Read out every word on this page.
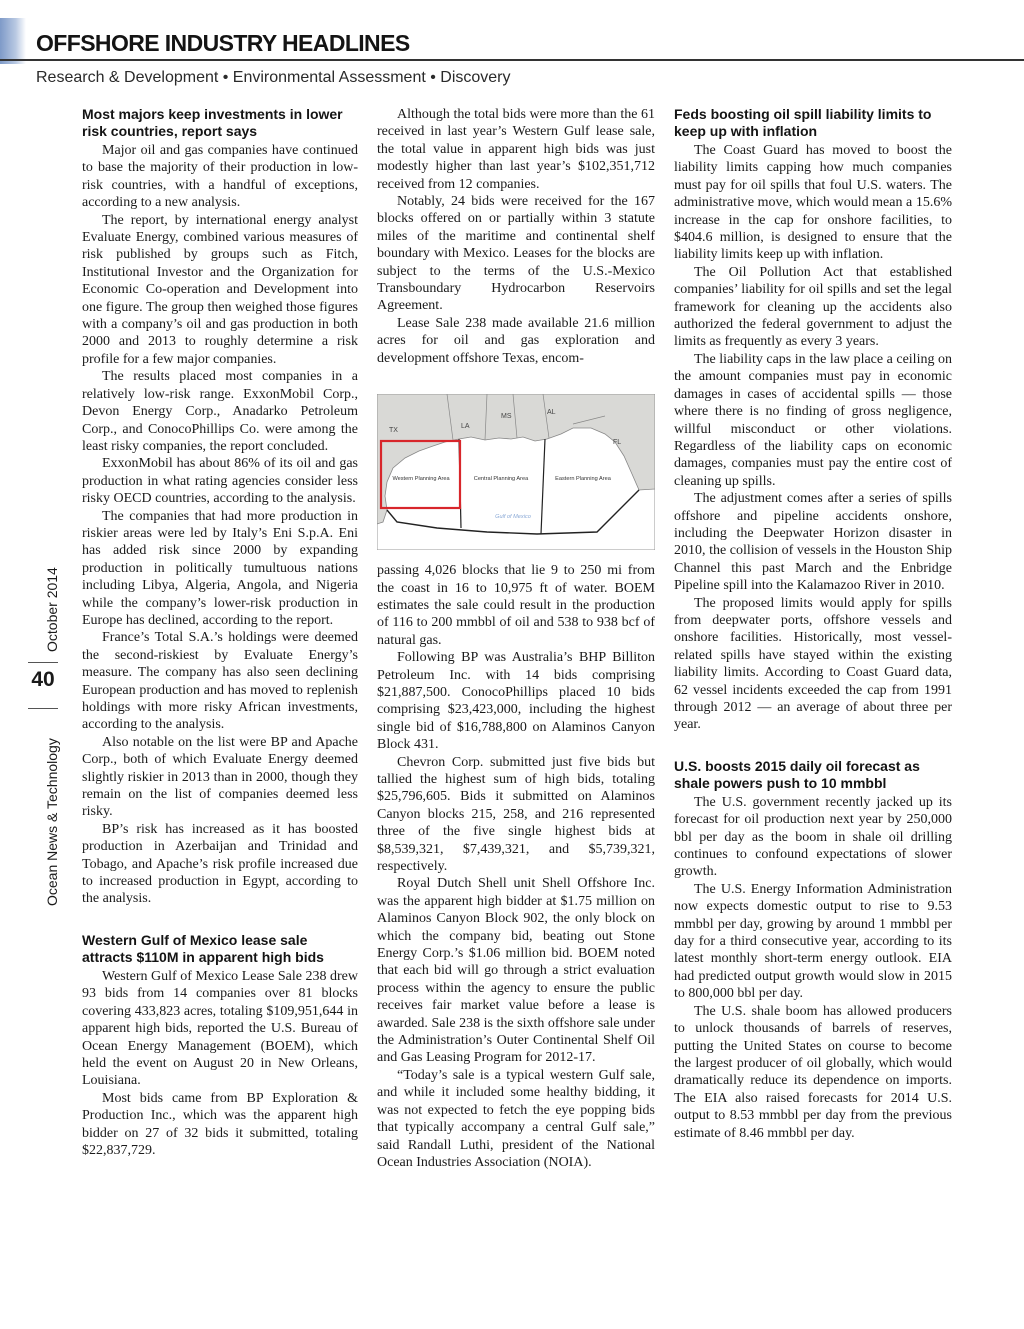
OFFSHORE INDUSTRY HEADLINES
Research & Development • Environmental Assessment • Discovery
October 2014
Ocean News & Technology
40
Most majors keep investments in lower risk countries, report says

Major oil and gas companies have continued to base the majority of their production in low-risk countries, with a handful of exceptions, according to a new analysis.

The report, by international energy analyst Evaluate Energy, combined various measures of risk published by groups such as Fitch, Institutional Investor and the Organization for Economic Co-operation and Development into one figure. The group then weighed those figures with a company’s oil and gas production in both 2000 and 2013 to roughly determine a risk profile for a few major companies.

The results placed most companies in a relatively low-risk range. ExxonMobil Corp., Devon Energy Corp., Anadarko Petroleum Corp., and ConocoPhillips Co. were among the least risky companies, the report concluded.

ExxonMobil has about 86% of its oil and gas production in what rating agencies consider less risky OECD countries, according to the analysis.

The companies that had more production in riskier areas were led by Italy’s Eni S.p.A. Eni has added risk since 2000 by expanding production in politically tumultuous nations including Libya, Algeria, Angola, and Nigeria while the company’s lower-risk production in Europe has declined, according to the report.

France’s Total S.A.’s holdings were deemed the second-riskiest by Evaluate Energy’s measure. The company has also seen declining European production and has moved to replenish holdings with more risky African investments, according to the analysis.

Also notable on the list were BP and Apache Corp., both of which Evaluate Energy deemed slightly riskier in 2013 than in 2000, though they remain on the list of companies deemed less risky.

BP’s risk has increased as it has boosted production in Azerbaijan and Trinidad and Tobago, and Apache’s risk profile increased due to increased production in Egypt, according to the analysis.

Western Gulf of Mexico lease sale attracts $110M in apparent high bids

Western Gulf of Mexico Lease Sale 238 drew 93 bids from 14 companies over 81 blocks covering 433,823 acres, totaling $109,951,644 in apparent high bids, reported the U.S. Bureau of Ocean Energy Management (BOEM), which held the event on August 20 in New Orleans, Louisiana.

Most bids came from BP Exploration & Production Inc., which was the apparent high bidder on 27 of 32 bids it submitted, totaling $22,837,729.

Although the total bids were more than the 61 received in last year’s Western Gulf lease sale, the total value in apparent high bids was just modestly higher than last year’s $102,351,712 received from 12 companies.

Notably, 24 bids were received for the 167 blocks offered on or partially within 3 statute miles of the maritime and continental shelf boundary with Mexico. Leases for the blocks are subject to the terms of the U.S.-Mexico Transboundary Hydrocarbon Reservoirs Agreement.

Lease Sale 238 made available 21.6 million acres for oil and gas exploration and development offshore Texas, encom-

TX
LA
MS
AL
FL
Western Planning Area	Central Planning Area	Eastern Planning Area
Gulf of Mexico

passing 4,026 blocks that lie 9 to 250 mi from the coast in 16 to 10,975 ft of water. BOEM estimates the sale could result in the production of 116 to 200 mmbbl of oil and 538 to 938 bcf of natural gas.

Following BP was Australia’s BHP Billiton Petroleum Inc. with 14 bids comprising $21,887,500. ConocoPhillips placed 10 bids comprising $23,423,000, including the highest single bid of $16,788,800 on Alaminos Canyon Block 431.

Chevron Corp. submitted just five bids but tallied the highest sum of high bids, totaling $25,796,605. Bids it submitted on Alaminos Canyon blocks 215, 258, and 216 represented three of the five single highest bids at $8,539,321, $7,439,321, and $5,739,321, respectively.

Royal Dutch Shell unit Shell Offshore Inc. was the apparent high bidder at $1.75 million on Alaminos Canyon Block 902, the only block on which the company bid, beating out Stone Energy Corp.’s $1.06 million bid. BOEM noted that each bid will go through a strict evaluation process within the agency to ensure the public receives fair market value before a lease is awarded. Sale 238 is the sixth offshore sale under the Administration’s Outer Continental Shelf Oil and Gas Leasing Program for 2012-17.

“Today’s sale is a typical western Gulf sale, and while it included some healthy bidding, it was not expected to fetch the eye popping bids that typically accompany a central Gulf sale,” said Randall Luthi, president of the National Ocean Industries Association (NOIA).

Feds boosting oil spill liability limits to keep up with inflation

The Coast Guard has moved to boost the liability limits capping how much companies must pay for oil spills that foul U.S. waters. The administrative move, which would mean a 15.6% increase in the cap for onshore facilities, to $404.6 million, is designed to ensure that the liability limits keep up with inflation.

The Oil Pollution Act that established companies’ liability for oil spills and set the legal framework for cleaning up the accidents also authorized the federal government to adjust the limits as frequently as every 3 years.

The liability caps in the law place a ceiling on the amount companies must pay in economic damages in cases of accidental spills — those where there is no finding of gross negligence, willful misconduct or other violations. Regardless of the liability caps on economic damages, companies must pay the entire cost of cleaning up spills.

The adjustment comes after a series of spills offshore and pipeline accidents onshore, including the Deepwater Horizon disaster in 2010, the collision of vessels in the Houston Ship Channel this past March and the Enbridge Pipeline spill into the Kalamazoo River in 2010.

The proposed limits would apply for spills from deepwater ports, offshore vessels and onshore facilities. Historically, most vessel-related spills have stayed within the existing liability limits. According to Coast Guard data, 62 vessel incidents exceeded the cap from 1991 through 2012 — an average of about three per year.

U.S. boosts 2015 daily oil forecast as shale powers push to 10 mmbbl

The U.S. government recently jacked up its forecast for oil production next year by 250,000 bbl per day as the boom in shale oil drilling continues to confound expectations of slower growth.

The U.S. Energy Information Administration now expects domestic output to rise to 9.53 mmbbl per day, growing by around 1 mmbbl per day for a third consecutive year, according to its latest monthly short-term energy outlook. EIA had predicted output growth would slow in 2015 to 800,000 bbl per day.

The U.S. shale boom has allowed producers to unlock thousands of barrels of reserves, putting the United States on course to become the largest producer of oil globally, which would dramatically reduce its dependence on imports. The EIA also raised forecasts for 2014 U.S. output to 8.53 mmbbl per day from the previous estimate of 8.46 mmbbl per day.
